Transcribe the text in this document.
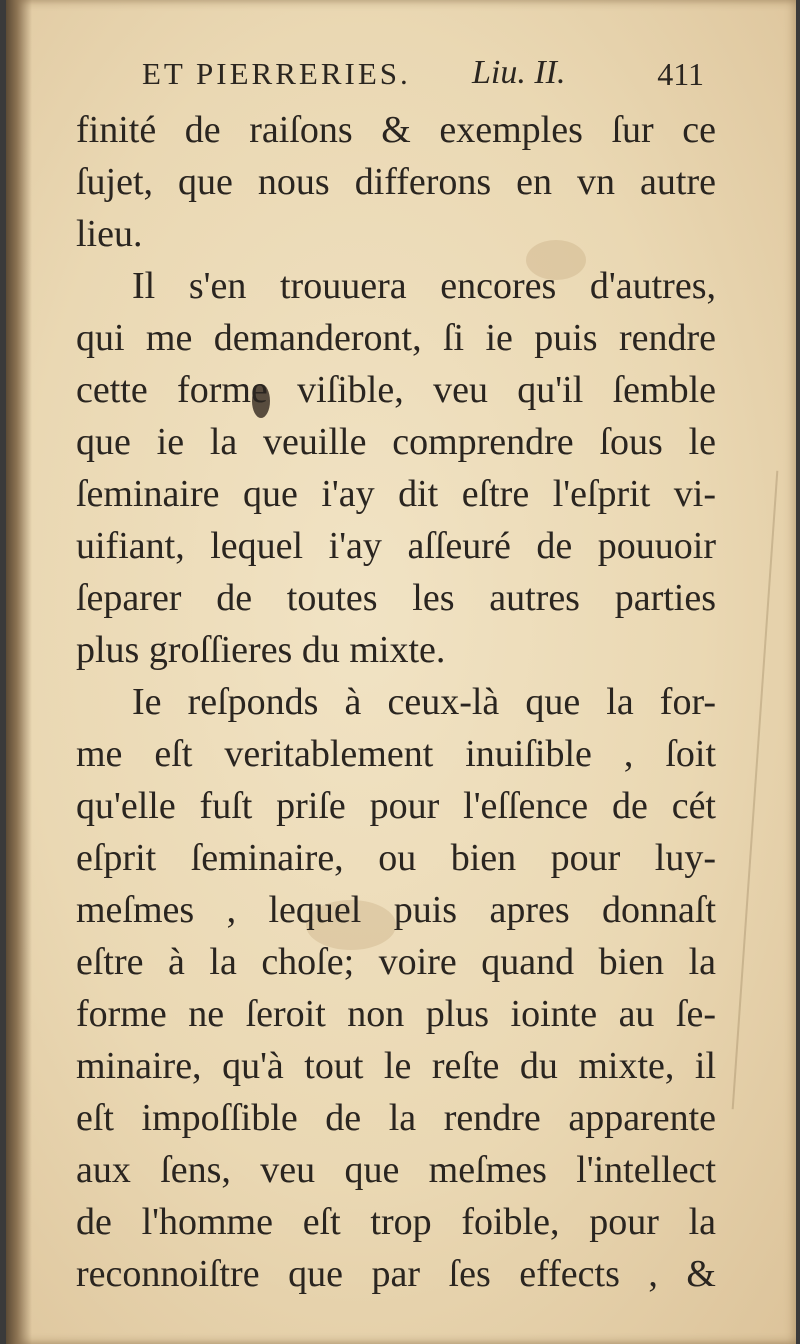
ET PIERRERIES. Liu. II.	411
finité de raiſons & exemples ſur ce
ſujet, que nous differons en vn autre
lieu.
Il s'en trouuera encores d'autres,
qui me demanderont, ſi ie puis rendre
cette forme viſible, veu qu'il ſemble
que ie la veuille comprendre ſous le
ſeminaire que i'ay dit eſtre l'eſprit vi-
uifiant, lequel i'ay aſſeuré de pouuoir
ſeparer de toutes les autres parties
plus groſſieres du mixte.
Ie reſponds à ceux-là que la for-
me eſt veritablement inuiſible , ſoit
qu'elle fuſt priſe pour l'eſſence de cét
eſprit ſeminaire, ou bien pour luy-
meſmes , lequel puis apres donnaſt
eſtre à la choſe; voire quand bien la
forme ne ſeroit non plus iointe au ſe-
minaire, qu'à tout le reſte du mixte, il
eſt impoſſible de la rendre apparente
aux ſens, veu que meſmes l'intellect
de l'homme eſt trop foible, pour la
reconnoiſtre que par ſes effects , &
